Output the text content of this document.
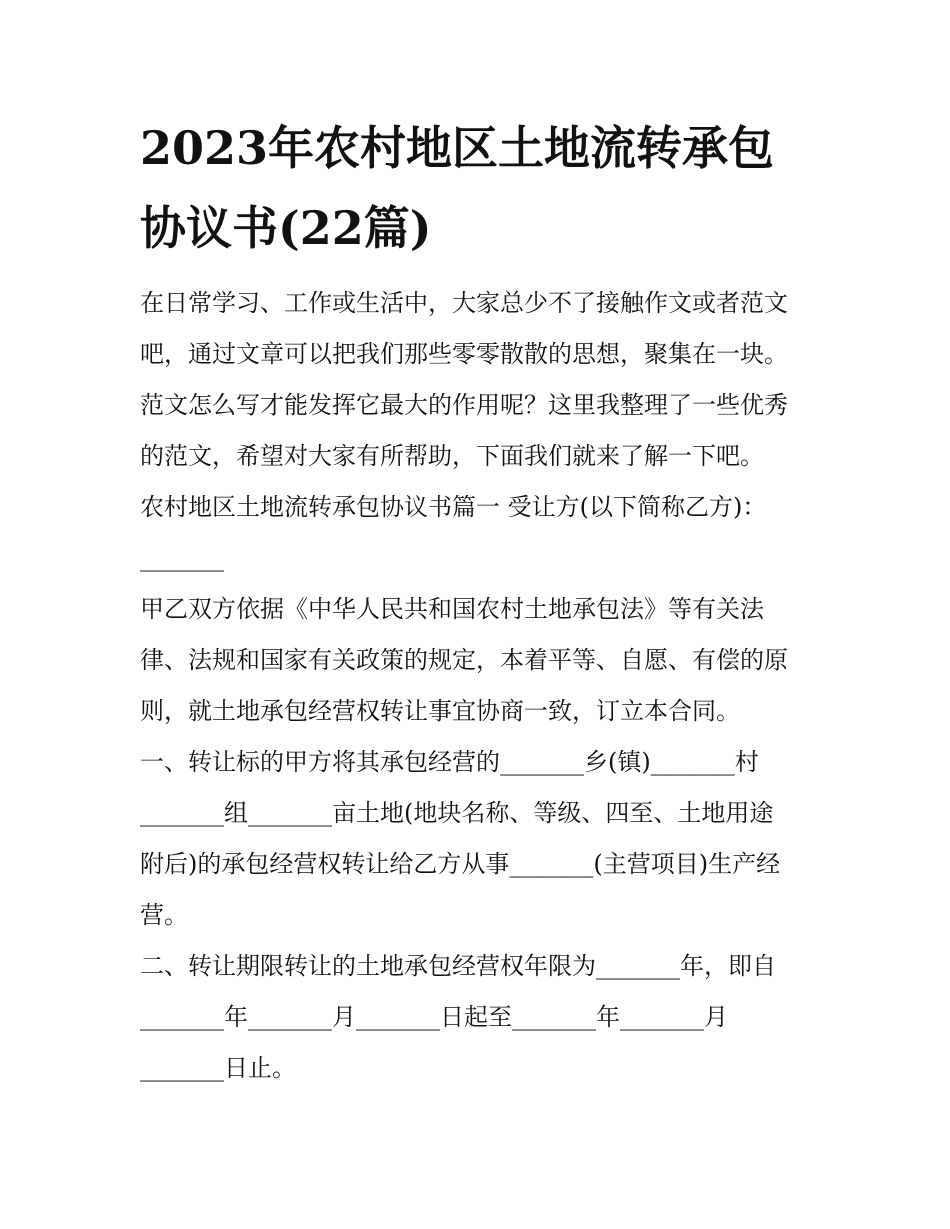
2023年农村地区土地流转承包
协议书(22篇)
在日常学习、工作或生活中，大家总少不了接触作文或者范文
吧，通过文章可以把我们那些零零散散的思想，聚集在一块。
范文怎么写才能发挥它最大的作用呢？这里我整理了一些优秀
的范文，希望对大家有所帮助，下面我们就来了解一下吧。
农村地区土地流转承包协议书篇一 受让方(以下简称乙方)：
_______
甲乙双方依据《中华人民共和国农村土地承包法》等有关法
律、法规和国家有关政策的规定，本着平等、自愿、有偿的原
则，就土地承包经营权转让事宜协商一致，订立本合同。
一、转让标的甲方将其承包经营的_______乡(镇)_______村
_______组_______亩土地(地块名称、等级、四至、土地用途
附后)的承包经营权转让给乙方从事_______(主营项目)生产经
营。
二、转让期限转让的土地承包经营权年限为_______年，即自
_______年_______月_______日起至_______年_______月
_______日止。
